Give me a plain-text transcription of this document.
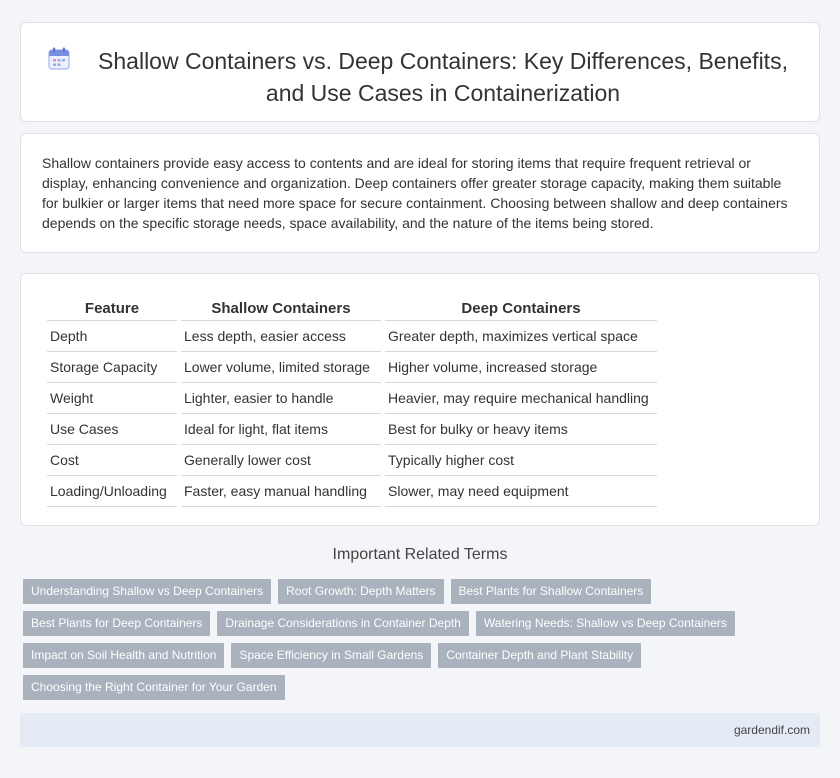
Shallow Containers vs. Deep Containers: Key Differences, Benefits, and Use Cases in Containerization

Shallow containers provide easy access to contents and are ideal for storing items that require frequent retrieval or display, enhancing convenience and organization. Deep containers offer greater storage capacity, making them suitable for bulkier or larger items that need more space for secure containment. Choosing between shallow and deep containers depends on the specific storage needs, space availability, and the nature of the items being stored.

Feature	Shallow Containers	Deep Containers
Depth	Less depth, easier access	Greater depth, maximizes vertical space
Storage Capacity	Lower volume, limited storage	Higher volume, increased storage
Weight	Lighter, easier to handle	Heavier, may require mechanical handling
Use Cases	Ideal for light, flat items	Best for bulky or heavy items
Cost	Generally lower cost	Typically higher cost
Loading/Unloading	Faster, easy manual handling	Slower, may need equipment
Important Related Terms
Understanding Shallow vs Deep Containers	Root Growth: Depth Matters	Best Plants for Shallow Containers
Best Plants for Deep Containers	Drainage Considerations in Container Depth	Watering Needs: Shallow vs Deep Containers
Impact on Soil Health and Nutrition	Space Efficiency in Small Gardens	Container Depth and Plant Stability
Choosing the Right Container for Your Garden
gardendif.com
